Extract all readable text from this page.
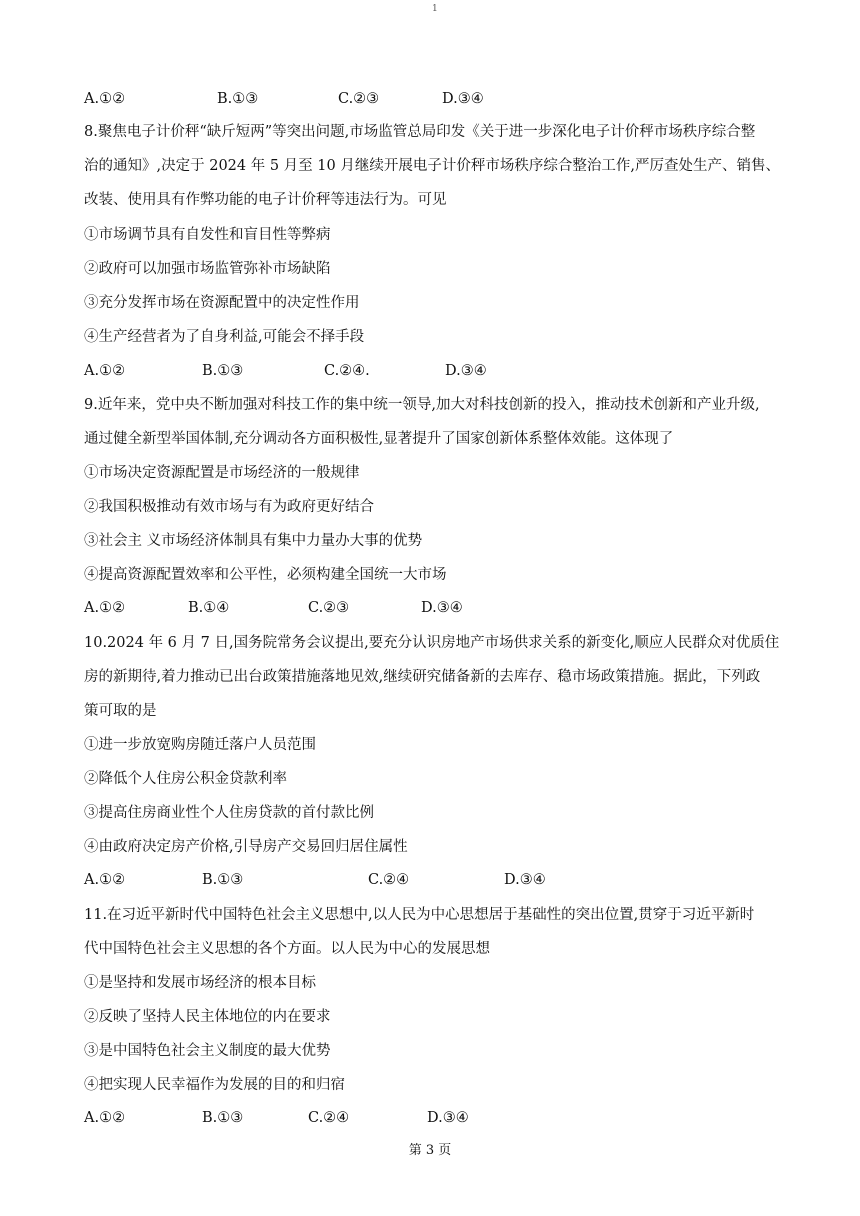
1
A.①②	B.①③	C.②③	D.③④
8.聚焦电子计价秤“缺斤短两”等突出问题,市场监管总局印发《关于进一步深化电子计价秤市场秩序综合整
治的通知》,决定于 2024 年 5 月至 10 月继续开展电子计价秤市场秩序综合整治工作,严厉查处生产、销售、
改装、使用具有作弊功能的电子计价秤等违法行为。可见
①市场调节具有自发性和盲目性等弊病
②政府可以加强市场监管弥补市场缺陷
③充分发挥市场在资源配置中的决定性作用
④生产经营者为了自身利益,可能会不择手段
A.①②	B.①③	C.②④.	D.③④
9.近年来，党中央不断加强对科技工作的集中统一领导,加大对科技创新的投入，推动技术创新和产业升级,
通过健全新型举国体制,充分调动各方面积极性,显著提升了国家创新体系整体效能。这体现了
①市场决定资源配置是市场经济的一般规律
②我国积极推动有效市场与有为政府更好结合
③社会主 义市场经济体制具有集中力量办大事的优势
④提高资源配置效率和公平性，必须构建全国统一大市场
A.①②	B.①④	C.②③	D.③④
10.2024 年 6 月 7 日,国务院常务会议提出,要充分认识房地产市场供求关系的新变化,顺应人民群众对优质住
房的新期待,着力推动已出台政策措施落地见效,继续研究储备新的去库存、稳市场政策措施。据此，下列政
策可取的是
①进一步放宽购房随迁落户人员范围
②降低个人住房公积金贷款利率
③提高住房商业性个人住房贷款的首付款比例
④由政府决定房产价格,引导房产交易回归居住属性
A.①②	B.①③	C.②④	D.③④
11.在习近平新时代中国特色社会主义思想中,以人民为中心思想居于基础性的突出位置,贯穿于习近平新时
代中国特色社会主义思想的各个方面。以人民为中心的发展思想
①是坚持和发展市场经济的根本目标
②反映了坚持人民主体地位的内在要求
③是中国特色社会主义制度的最大优势
④把实现人民幸福作为发展的目的和归宿
A.①②	B.①③	C.②④	D.③④
第 3 页
